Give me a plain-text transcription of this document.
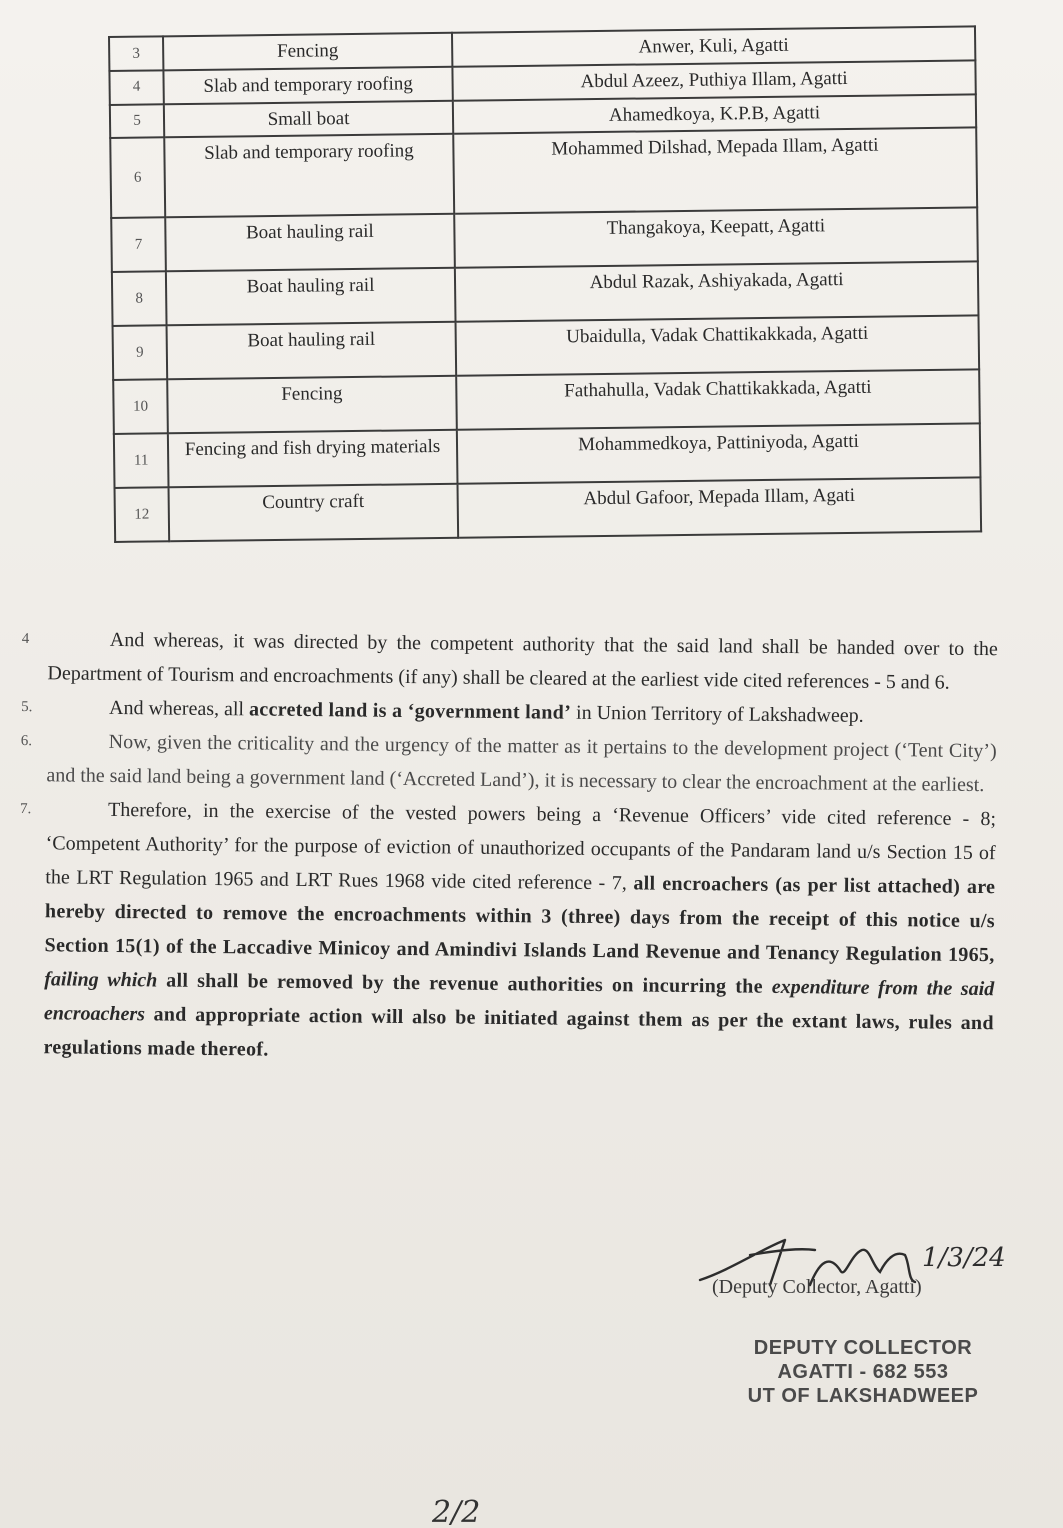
3	Fencing	Anwer, Kuli, Agatti
4	Slab and temporary roofing	Abdul Azeez, Puthiya Illam, Agatti
5	Small boat	Ahamedkoya, K.P.B, Agatti
6	Slab and temporary roofing	Mohammed Dilshad, Mepada Illam, Agatti
7	Boat hauling rail	Thangakoya, Keepatt, Agatti
8	Boat hauling rail	Abdul Razak, Ashiyakada, Agatti
9	Boat hauling rail	Ubaidulla, Vadak Chattikakkada, Agatti
10	Fencing	Fathahulla, Vadak Chattikakkada, Agatti
11	Fencing and fish drying materials	Mohammedkoya, Pattiniyoda, Agatti
12	Country craft	Abdul Gafoor, Mepada Illam, Agati

4	And whereas, it was directed by the competent authority that the said land shall be handed over to the Department of Tourism and encroachments (if any) shall be cleared at the earliest vide cited references - 5 and 6.

5.	And whereas, all accreted land is a ‘government land’ in Union Territory of Lakshadweep.

6.	Now, given the criticality and the urgency of the matter as it pertains to the development project (‘Tent City’) and the said land being a government land (‘Accreted Land’), it is necessary to clear the encroachment at the earliest.

7.	Therefore, in the exercise of the vested powers being a ‘Revenue Officers’ vide cited reference - 8; ‘Competent Authority’ for the purpose of eviction of unauthorized occupants of the Pandaram land u/s Section 15 of the LRT Regulation 1965 and LRT Rues 1968 vide cited reference - 7, all encroachers (as per list attached) are hereby directed to remove the encroachments within 3 (three) days from the receipt of this notice u/s Section 15(1) of the Laccadive Minicoy and Amindivi Islands Land Revenue and Tenancy Regulation 1965, failing which all shall be removed by the revenue authorities on incurring the expenditure from the said encroachers and appropriate action will also be initiated against them as per the extant laws, rules and regulations made thereof.

1/3/24
(Deputy Collector, Agatti)
DEPUTY COLLECTOR
AGATTI - 682 553
UT OF LAKSHADWEEP
2/2
